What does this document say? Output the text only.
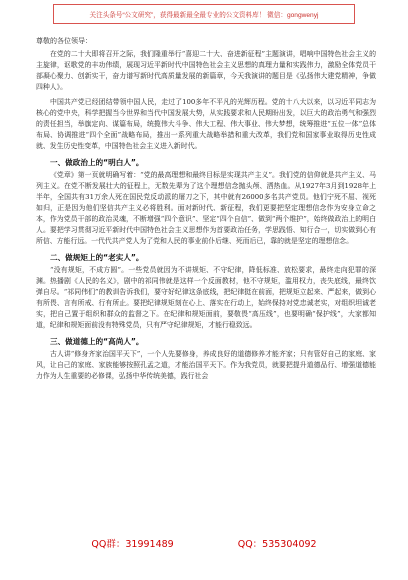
关注头条号“公文研究”，获得最新最全最专业的公文资料库！ 微信：gongwenyj
尊敬的各位领导：

在党的二十大即将召开之际，我们隆重举行“喜迎二十大、奋进新征程”主题演讲，唱响中国特色社会主义的主旋律，讴歌党的丰功伟绩，展现习近平新时代中国特色社会主义思想的真理力量和实践伟力，激励全体党员干部凝心聚力、创新实干，奋力谱写新时代高质量发展的新篇章，今天我演讲的题目是《弘扬伟大建党精神，争做四种人》。

中国共产党已经团结带领中国人民，走过了100多年不平凡的光辉历程。党的十八大以来，以习近平同志为核心的党中央，科学把握当今世界和当代中国发展大势，从实践要求和人民期盼出发，以巨大的政治勇气和强烈的责任担当，举旗定向、谋篇布局，统揽伟大斗争、伟大工程、伟大事业、伟大梦想，统筹推进“五位一体”总体布局、协调推进“四个全面”战略布局，推出一系列重大战略举措和重大改革，我们党和国家事业取得历史性成就、发生历史性变革，中国特色社会主义进入新时代。

一、做政治上的“明白人”。

《党章》第一页就明确写着：“党的最高理想和最终目标是实现共产主义”。我们党的信仰就是共产主义、马列主义。在党不断发展壮大的征程上，无数先辈为了这个理想信念抛头颅、洒热血。从1927年3月到1928年上半年，全国共有31万余人死在国民党反动派的屠刀之下，其中就有26000多名共产党员。他们宁死不屈、视死如归，正是因为他们坚信共产主义必将胜利。面对新时代、新征程，我们更要把坚定理想信念作为安身立命之本，作为党员干部的政治灵魂，不断增强“四个意识”、坚定“四个自信”、做到“两个维护”，始终做政治上的明白人。要把学习贯彻习近平新时代中国特色社会主义思想作为首要政治任务，学思践悟、知行合一，切实做到心有所信、方能行远。一代代共产党人为了党和人民的事业前仆后继、死而后已，靠的就是坚定的理想信念。

二、做规矩上的“老实人”。

“没有规矩，不成方圆”。一些党员就因为不讲规矩、不守纪律，降低标准、放松要求，最终走向犯罪的深渊。热播剧《人民的名义》，剧中的祁同伟就是这样一个反面教材，他不守规矩，滥用权力，丧失底线，最终饮弹自尽。“祁同伟们”的教训告诉我们，要守好纪律这条底线，把纪律挺在前面，把规矩立起来、严起来，做到心有所畏、言有所戒、行有所止。要把纪律规矩刻在心上、落实在行动上，始终保持对党忠诚老实，对组织坦诚老实，把自己置于组织和群众的监督之下。在纪律和规矩面前，要敬畏“高压线”，也要明确“保护线”，大家都知道，纪律和规矩面前没有特殊党员，只有严守纪律规矩，才能行稳致远。

三、做道德上的“高尚人”。

古人讲“修身齐家治国平天下”，一个人先要修身，养成良好的道德修养才能齐家；只有管好自己的家庭、家风，让自己的家庭、家族能够按照孔孟之道，才能治国平天下。作为我党员，就要把提升道德品行、增强道德能力作为人生重要的必修课，弘扬中华传统美德，践行社会

QQ群：31991489	QQ：535304092
